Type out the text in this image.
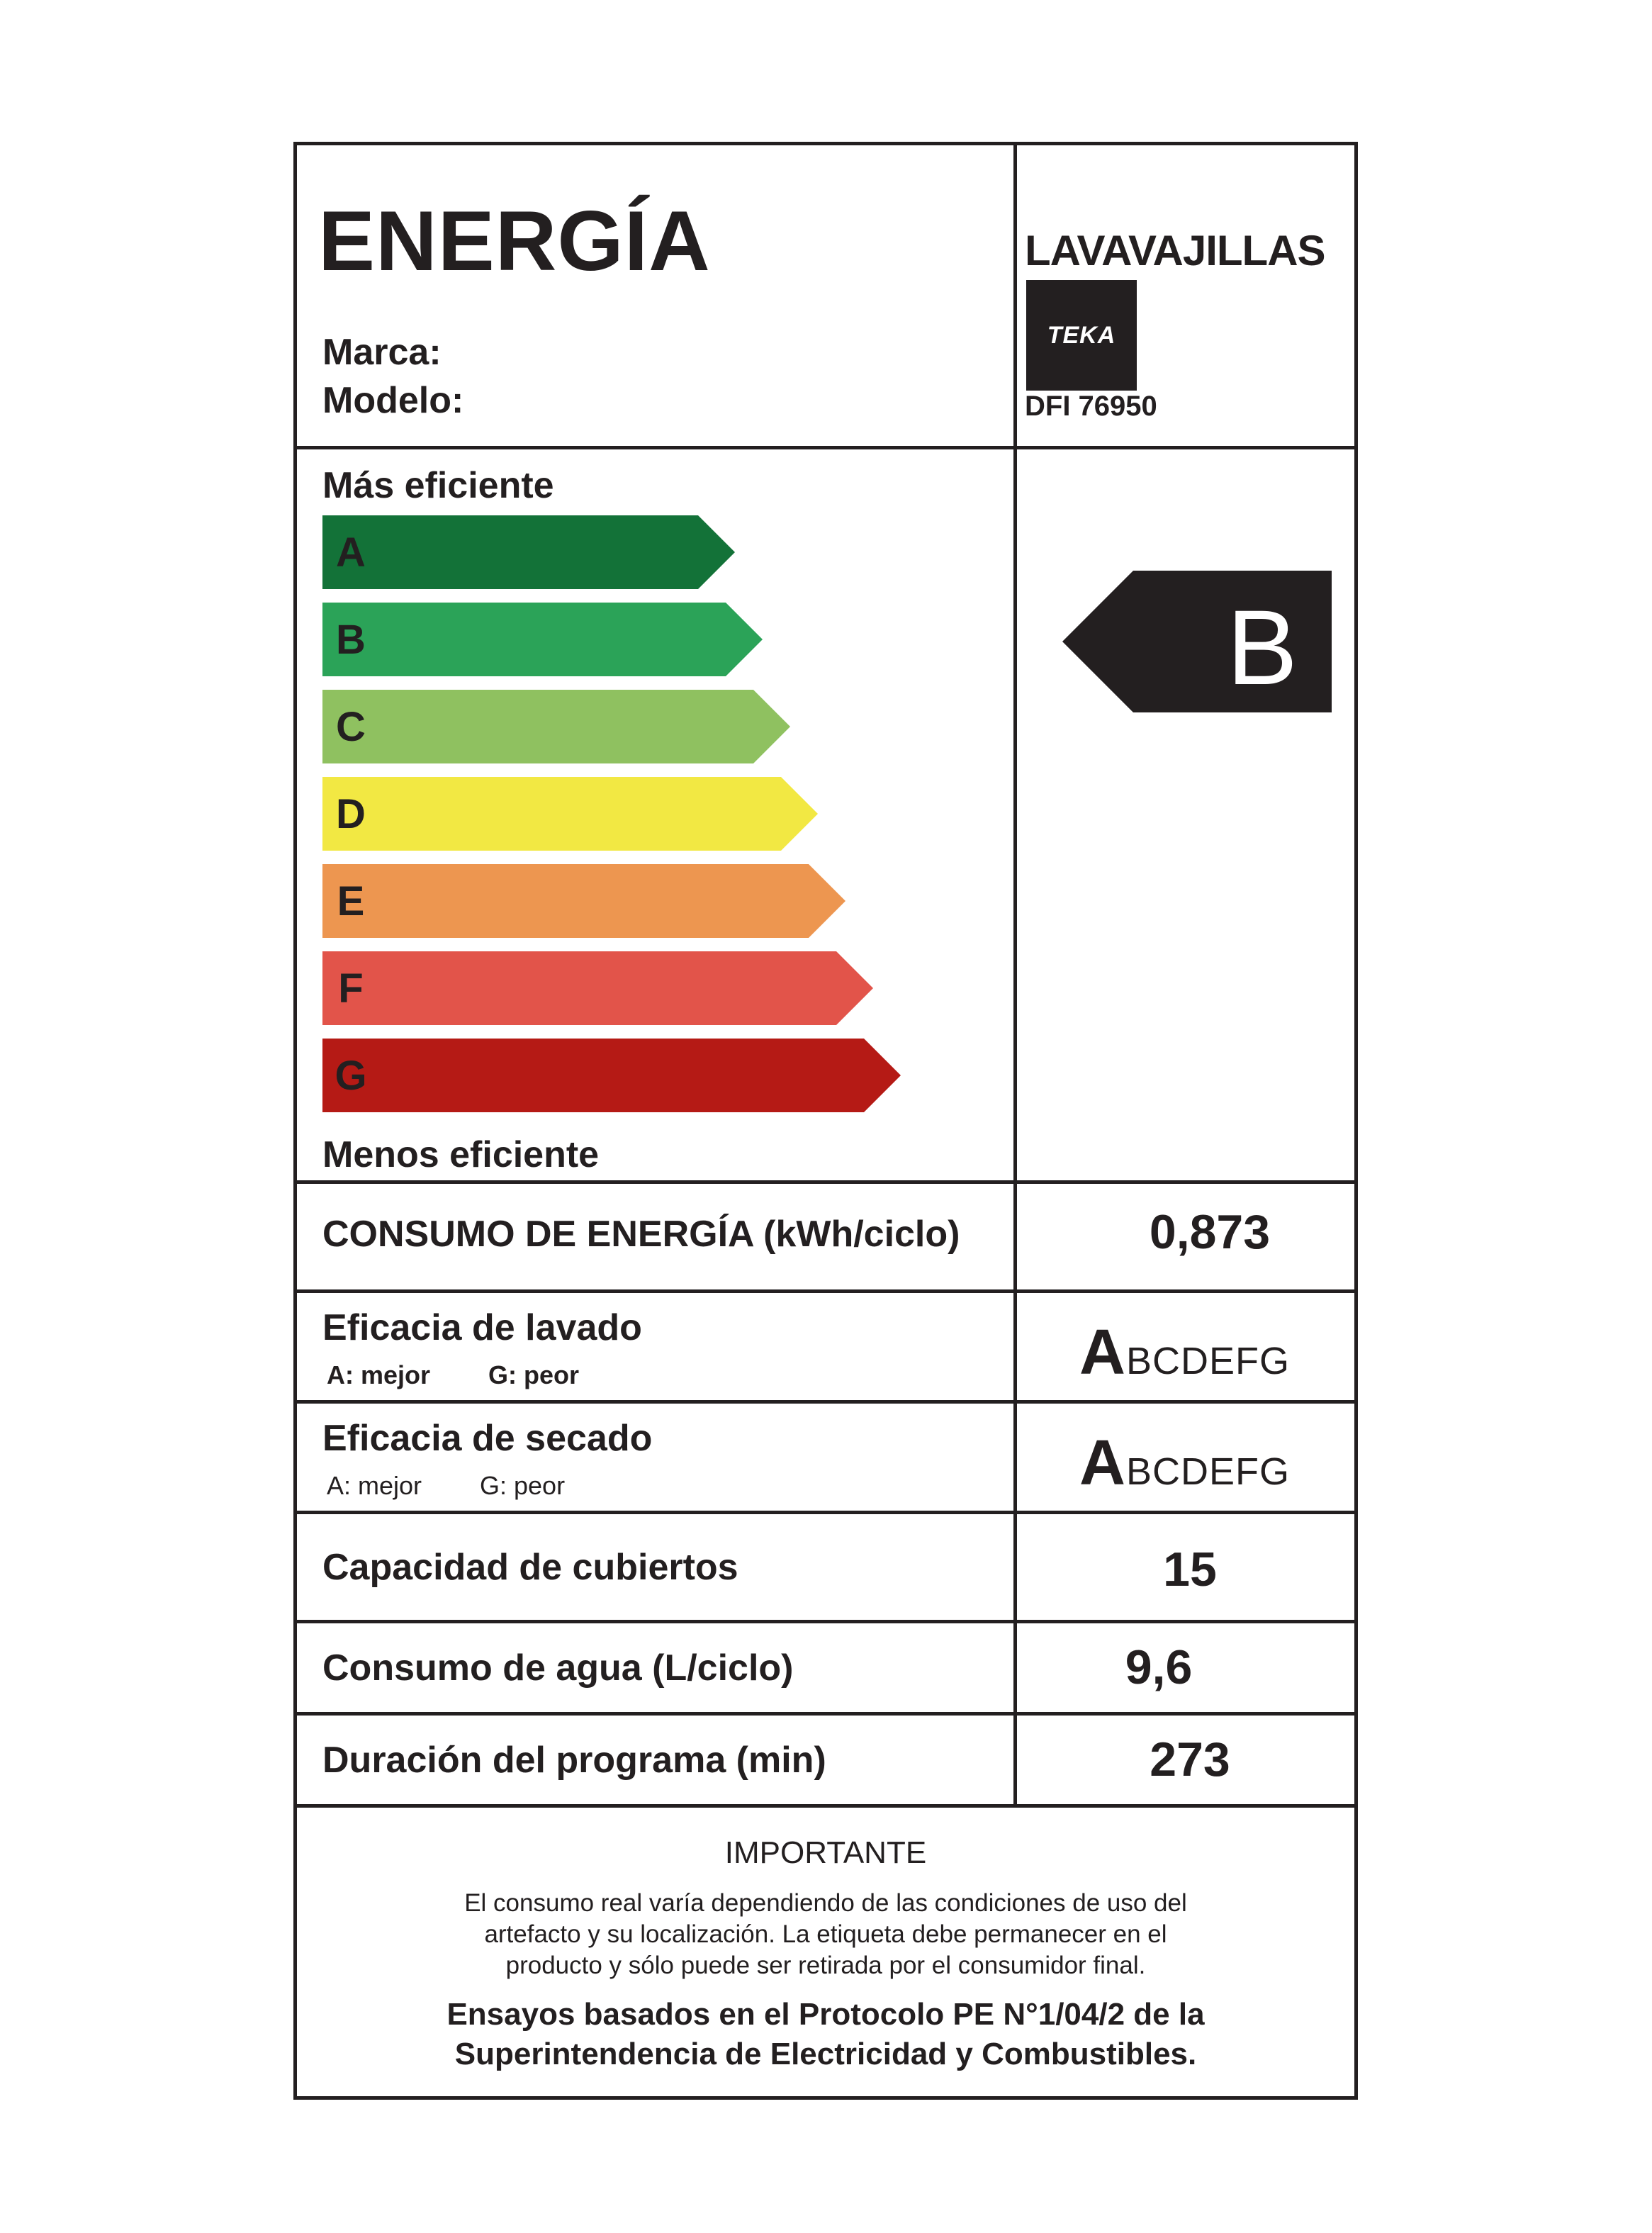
ENERGÍA
Marca:
Modelo:
LAVAVAJILLAS
TEKA
DFI 76950
Más eficiente
A
B
C
D
E
F
G
Menos eficiente
B
CONSUMO DE ENERGÍA (kWh/ciclo)	0,873
Eficacia de lavado
A: mejor G: peor	ABCDEFG
Eficacia de secado
A: mejor G: peor	ABCDEFG
Capacidad de cubiertos	15
Consumo de agua (L/ciclo)	9,6
Duración del programa (min)	273
IMPORTANTE
El consumo real varía dependiendo de las condiciones de uso del
artefacto y su localización. La etiqueta debe permanecer en el
producto y sólo puede ser retirada por el consumidor final.
Ensayos basados en el Protocolo PE N°1/04/2 de la
Superintendencia de Electricidad y Combustibles.
